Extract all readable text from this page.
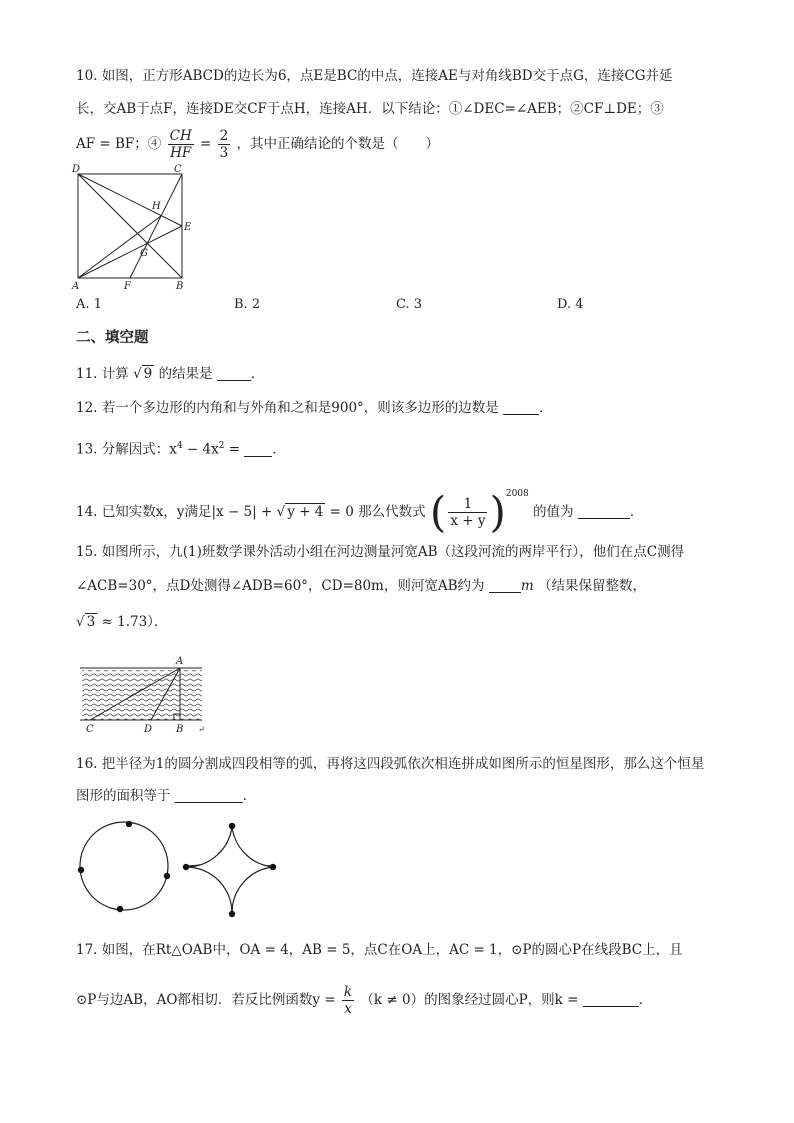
10. 如图，正方形ABCD的边长为6，点E是BC的中点，连接AE与对角线BD交于点G，连接CG并延
长，交AB于点F，连接DE交CF于点H，连接AH．以下结论：①∠DEC=∠AEB；②CF⊥DE；③
AF = BF；④ $\frac{CH}{HF} = \frac{2}{3}$ ，其中正确结论的个数是（　　）
D	C
H
E
G
A	F	B
A. 1	B. 2	C. 3	D. 4
二、填空题
11. 计算 √ 9 的结果是	．
12. 若一个多边形的内角和与外角和之和是900°，则该多边形的边数是	．
13. 分解因式：$x^4 - 4x^2$ = ．
14. 已知实数x，y满足|x − 5| + √ y + 4 = 0 那么代数式 ( $\frac{1}{x + y} )^{2008}$ 的值为	．
15. 如图所示，九(1)班数学课外活动小组在河边测量河宽AB（这段河流的两岸平行），他们在点C测得
∠ACB=30°，点D处测得∠ADB=60°，CD=80m，则河宽AB约为	m （结果保留整数，
√ 3 ≈ 1.73）．
A
C	D B ↵
16. 把半径为1的圆分割成四段相等的弧，再将这四段弧依次相连拼成如图所示的恒星图形，那么这个恒星
图形的面积等于	．
17. 如图，在Rt△OAB中，OA = 4，AB = 5，点C在OA上，AC = 1，⊙P的圆心P在线段BC上，且
⊙P与边AB，AO都相切．若反比例函数$y = \frac{k}{x} (k \ne 0)$的图象经过圆心P，则k =	．
